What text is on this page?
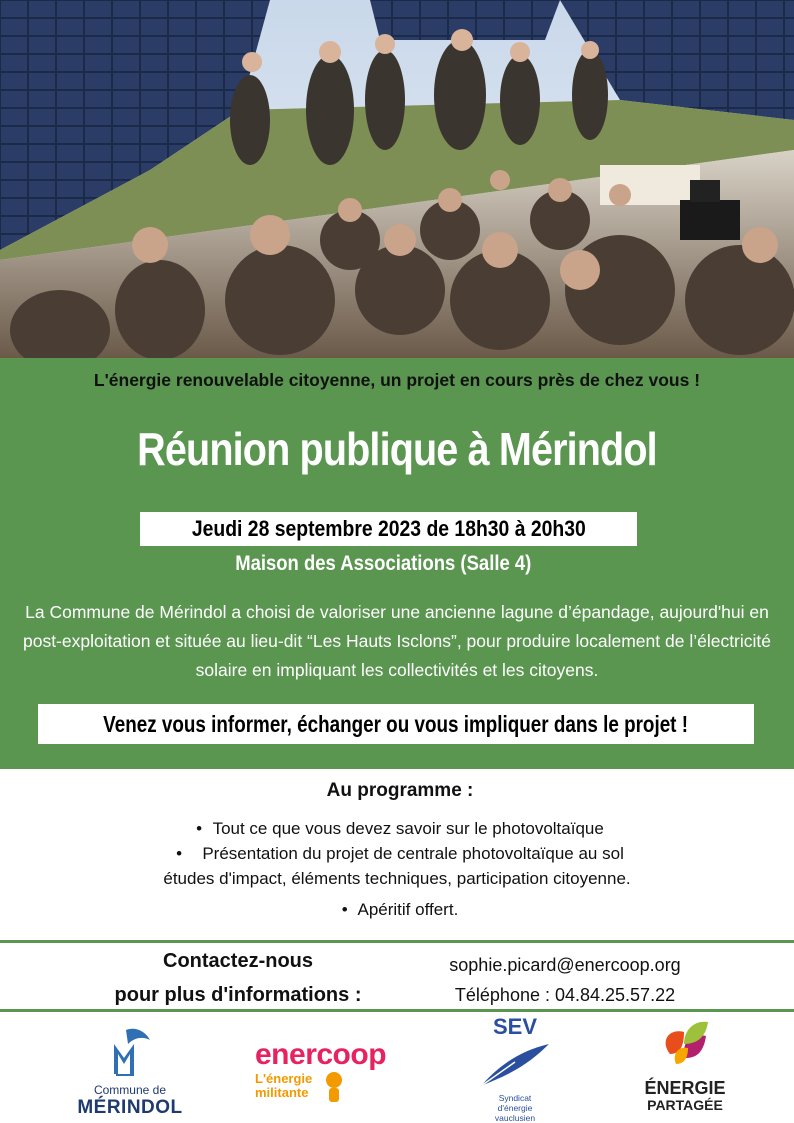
L'énergie renouvelable citoyenne, un projet en cours près de chez vous !
Réunion publique à Mérindol
Jeudi 28 septembre 2023 de 18h30 à 20h30
Maison des Associations (Salle 4)
La Commune de Mérindol a choisi de valoriser une ancienne lagune d’épandage, aujourd'hui en post-exploitation et située au lieu-dit “Les Hauts Isclons”, pour produire localement de l’électricité solaire en impliquant les collectivités et les citoyens.
Venez vous informer, échanger ou vous impliquer dans le projet !
Au programme :
• Tout ce que vous devez savoir sur le photovoltaïque
• Présentation du projet de centrale photovoltaïque au sol
études d'impact, éléments techniques, participation citoyenne.
• Apéritif offert.
Contactez-nous
pour plus d'informations :
sophie.picard@enercoop.org
Téléphone : 04.84.25.57.22
Commune de
MÉRINDOL
enercoop
L'énergie
militante
SEV
Syndicat
d'énergie
vauclusien
ÉNERGIE
PARTAGÉE
